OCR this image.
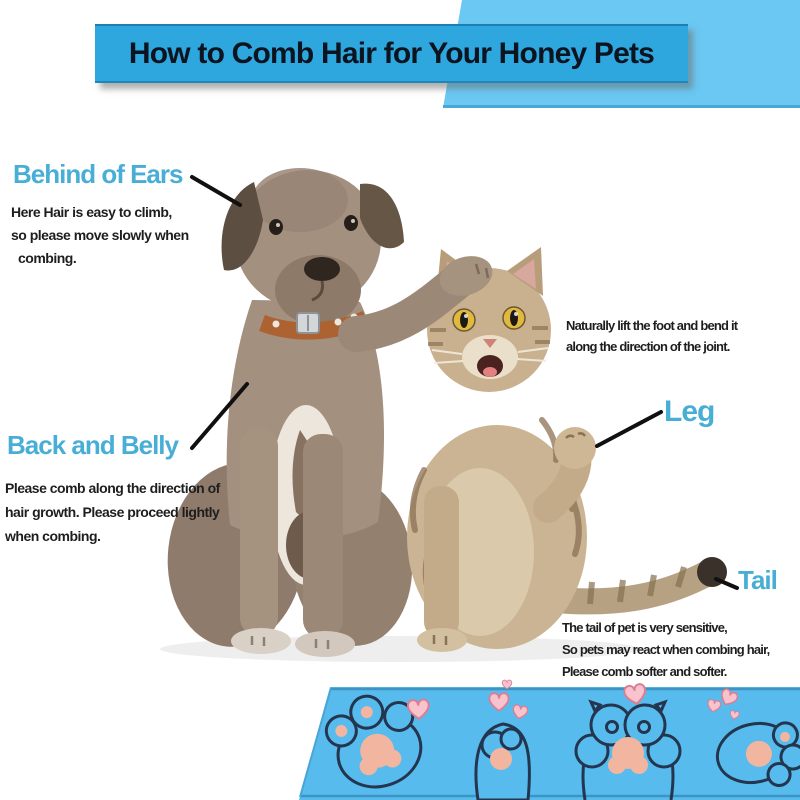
How to Comb Hair for Your Honey Pets
Behind of Ears
Here Hair is easy to climb,
so please move slowly when
combing.
Back and Belly
Please comb along the direction of
hair growth. Please proceed lightly
when combing.
Naturally lift the foot and bend it
along the direction of the joint.
Leg
Tail
The tail of pet is very sensitive,
So pets may react when combing hair,
Please comb softer and softer.
